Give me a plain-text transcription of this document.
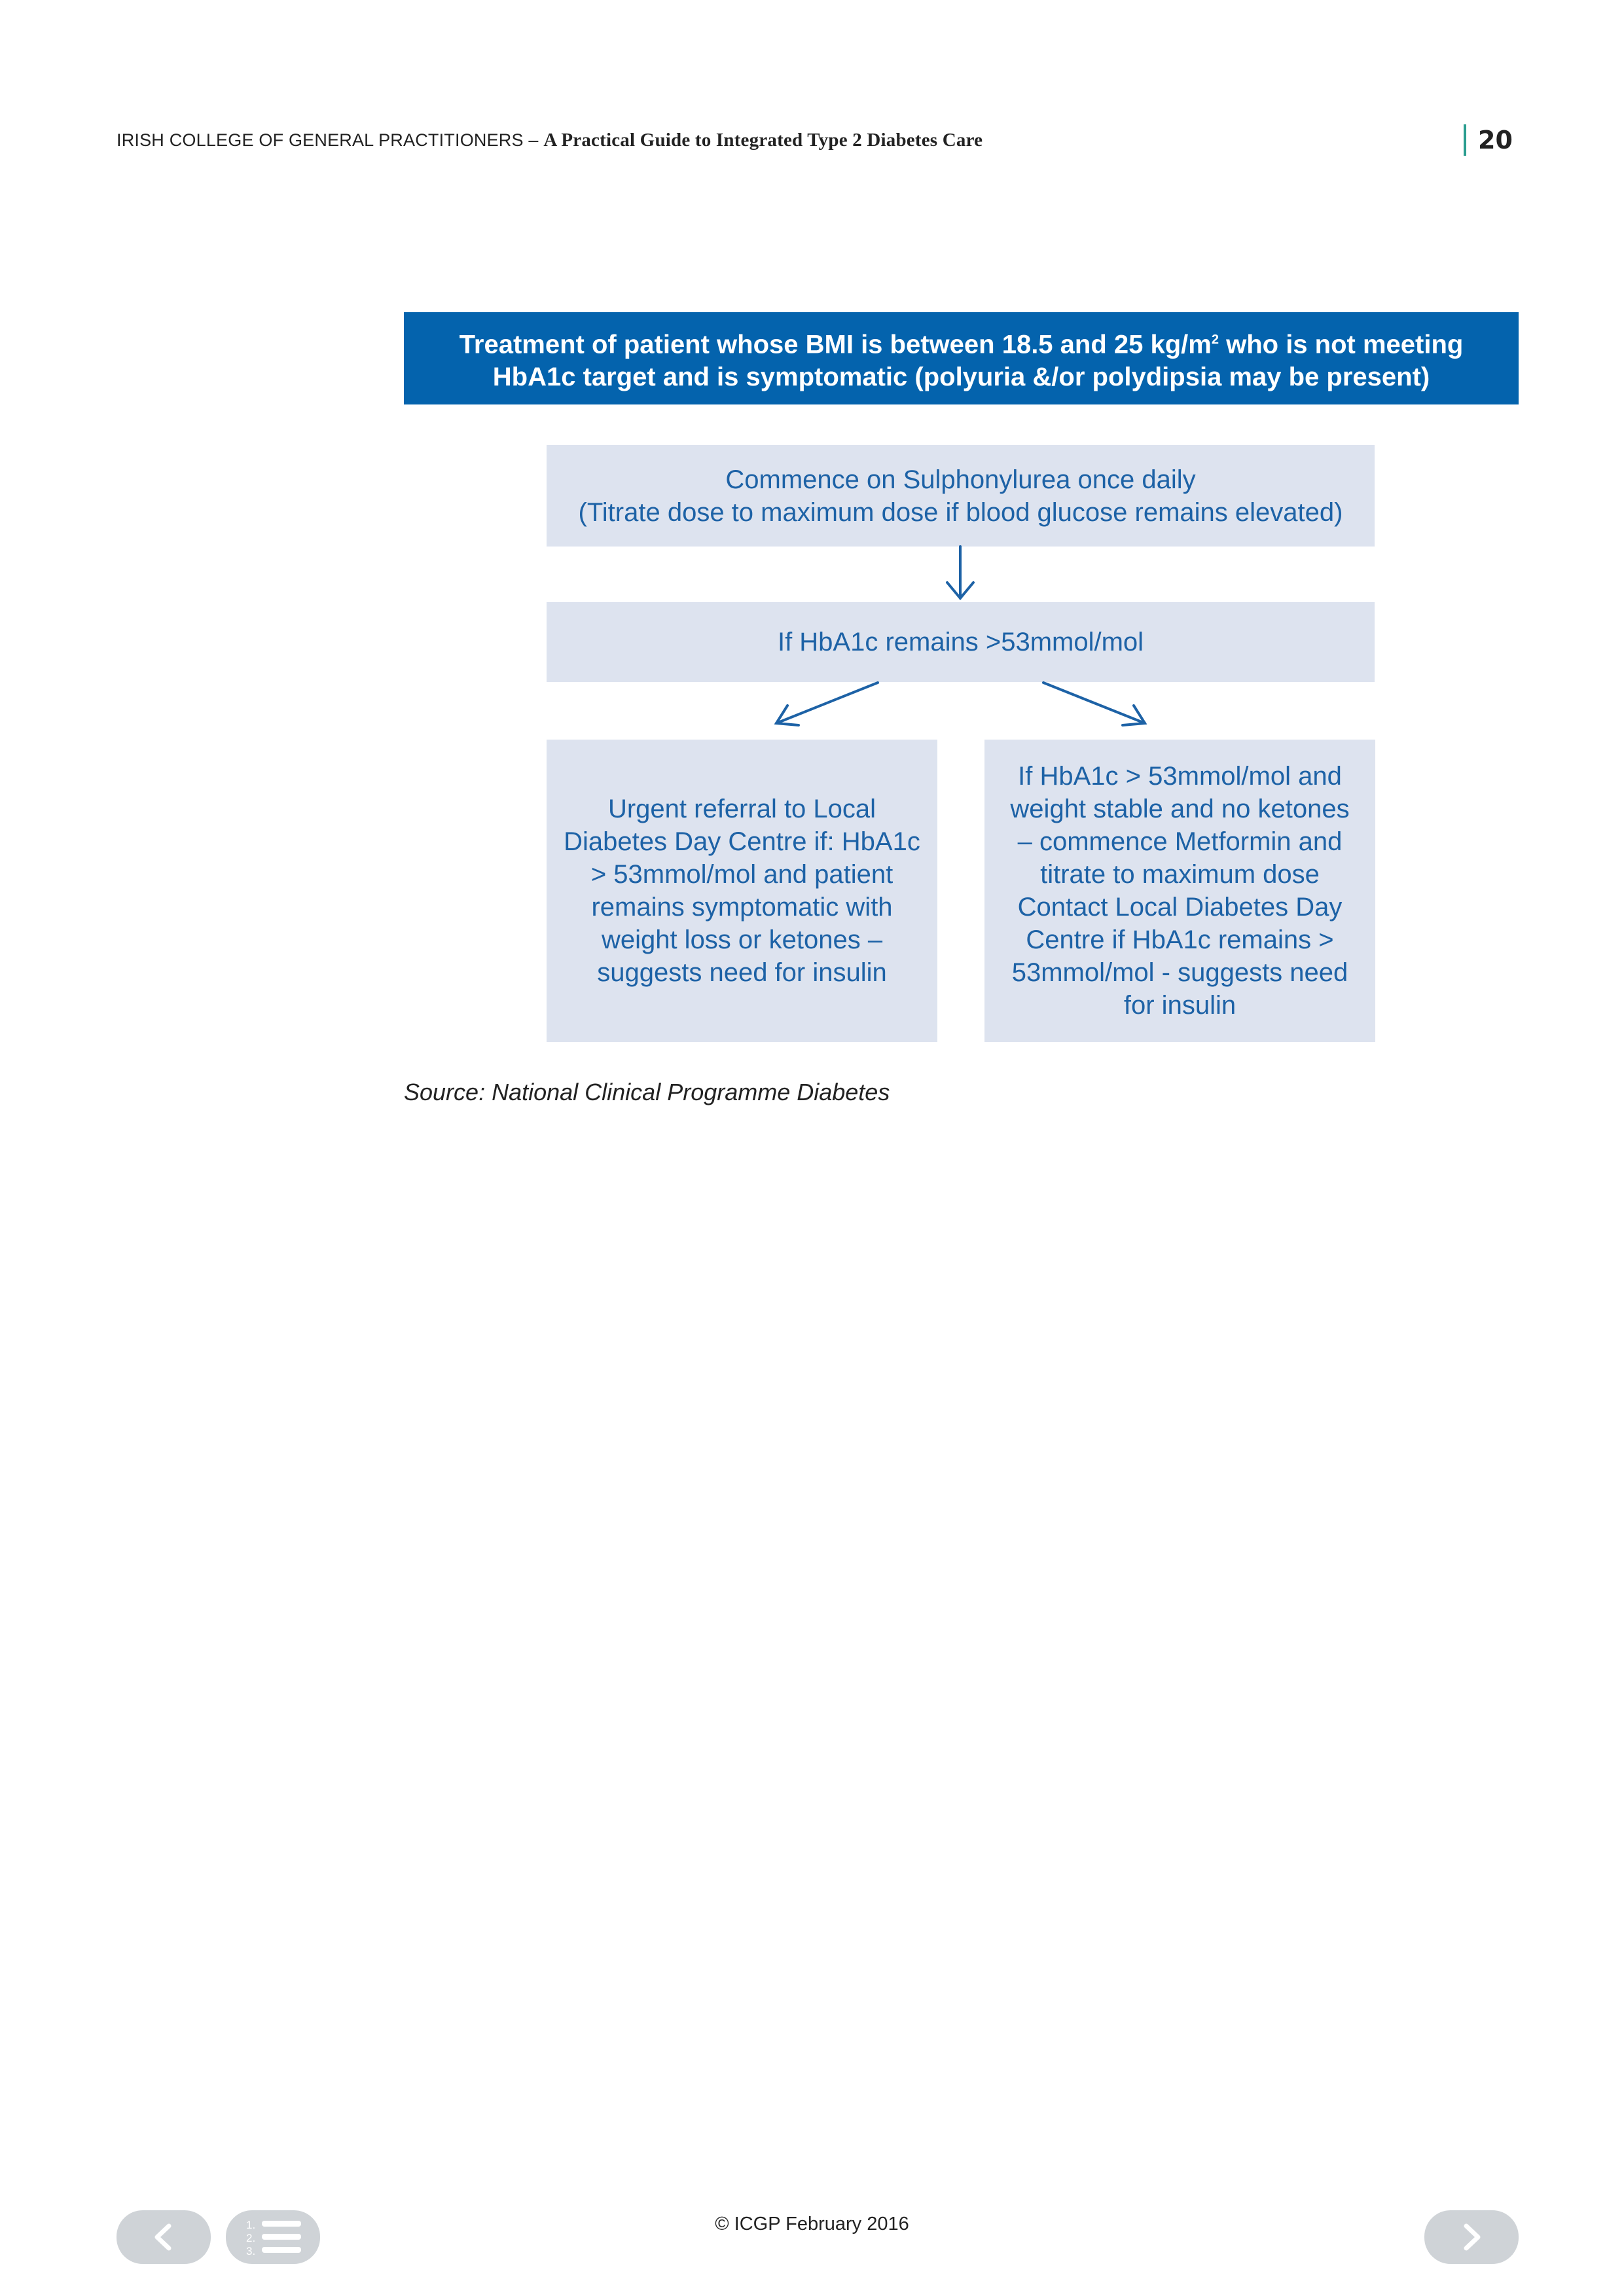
IRISH COLLEGE OF GENERAL PRACTITIONERS – A Practical Guide to Integrated Type 2 Diabetes Care	20
Treatment of patient whose BMI is between 18.5 and 25 $kg/m^2$ who is not meeting
HbA1c target and is symptomatic (polyuria &/or polydipsia may be present)
Commence on Sulphonylurea once daily
(Titrate dose to maximum dose if blood glucose remains elevated)
If HbA1c remains >53mmol/mol
Urgent referral to Local Diabetes Day Centre if: HbA1c > 53mmol/mol and patient remains symptomatic with weight loss or ketones – suggests need for insulin
If HbA1c > 53mmol/mol and weight stable and no ketones – commence Metformin and titrate to maximum dose Contact Local Diabetes Day Centre if HbA1c remains > 53mmol/mol - suggests need for insulin
Source: National Clinical Programme Diabetes
1.
2.
3.
© ICGP February 2016
